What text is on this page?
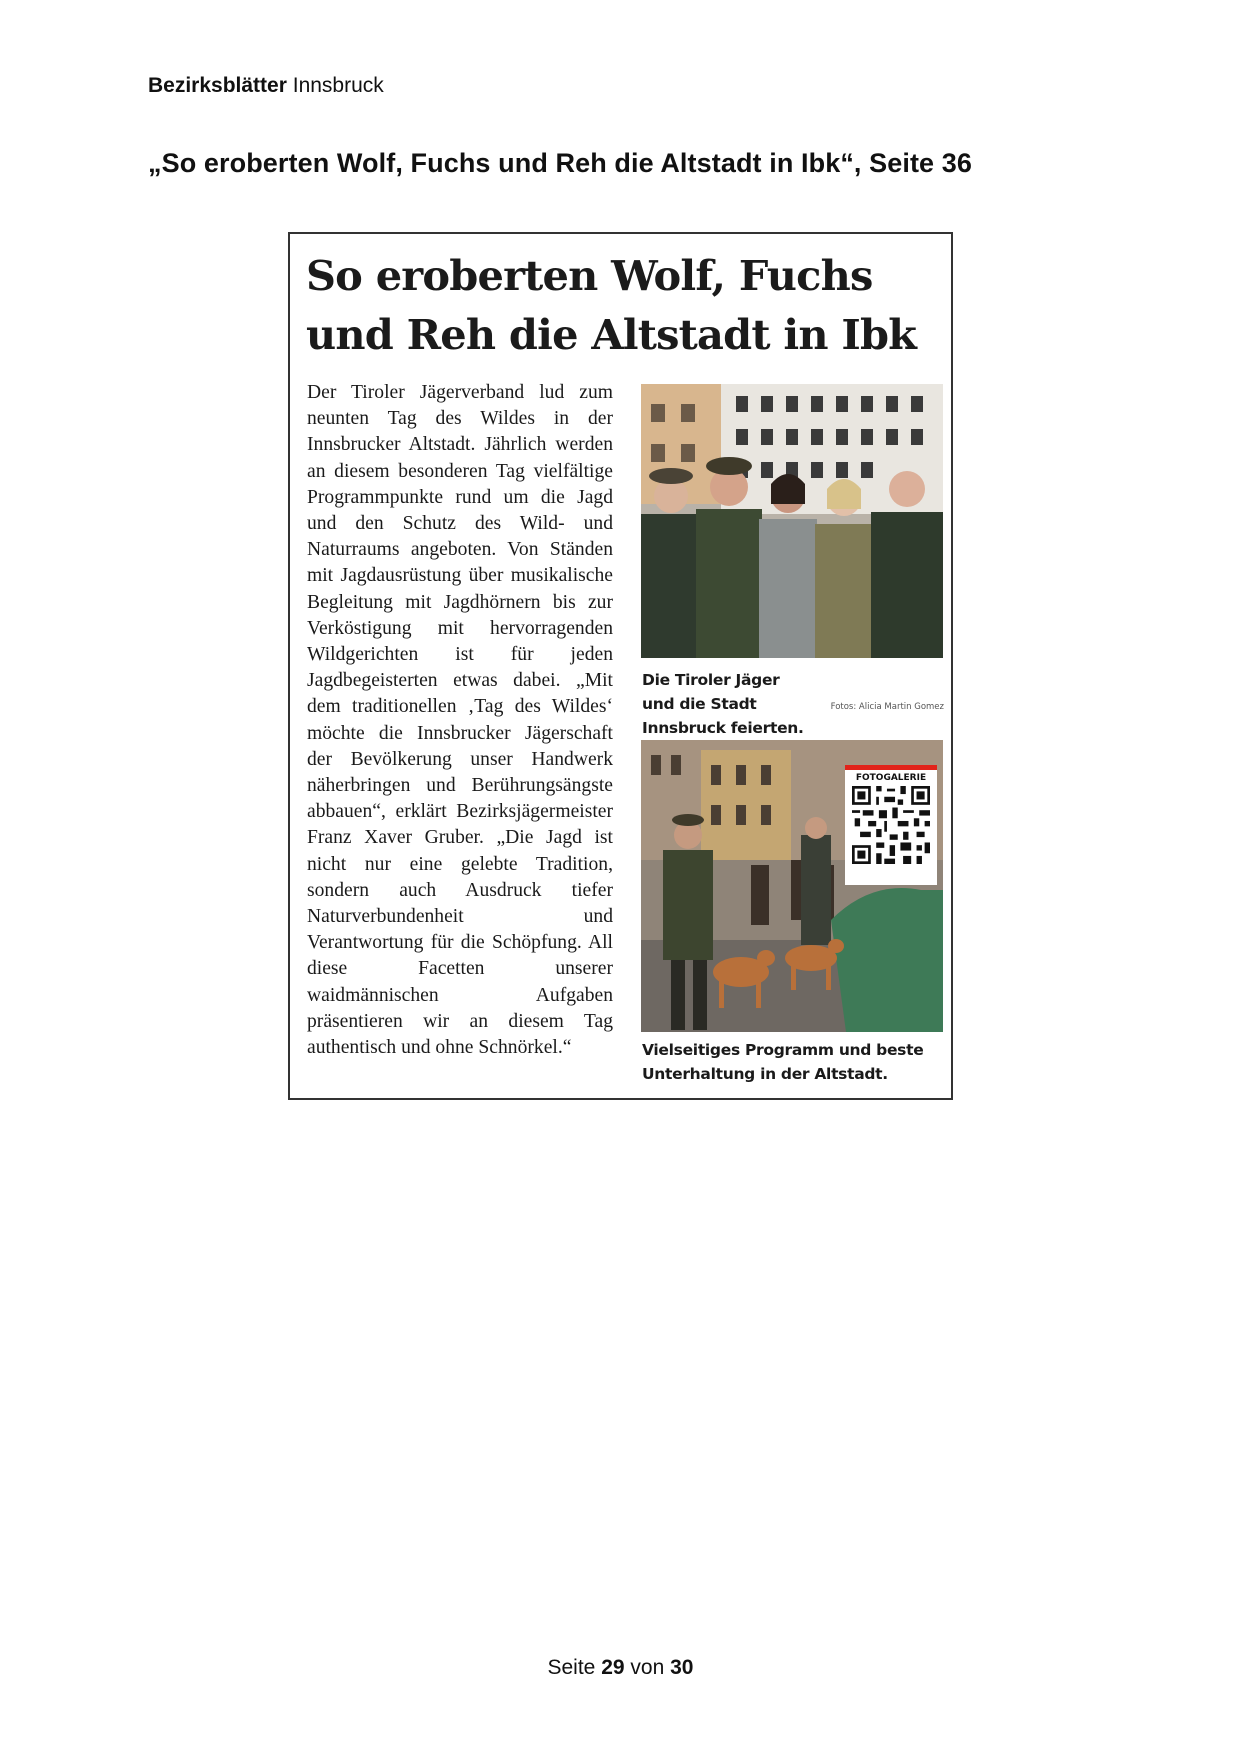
Bezirksblätter Innsbruck
„So eroberten Wolf, Fuchs und Reh die Altstadt in Ibk“, Seite 36
So eroberten Wolf, Fuchs und Reh die Altstadt in Ibk

Der Tiroler Jägerverband lud zum neunten Tag des Wildes in der Innsbrucker Altstadt. Jährlich werden an diesem besonderen Tag vielfältige Programmpunkte rund um die Jagd und den Schutz des Wild- und Naturraums angeboten. Von Ständen mit Jagdausrüstung über musikalische Begleitung mit Jagdhörnern bis zur Verköstigung mit hervorragenden Wildgerichten ist für jeden Jagdbegeisterten etwas dabei. „Mit dem traditionellen ‚Tag des Wildes‘ möchte die Innsbrucker Jägerschaft der Bevölkerung unser Handwerk näherbringen und Berührungsängste abbauen“, erklärt Bezirksjägermeister Franz Xaver Gruber. „Die Jagd ist nicht nur eine gelebte Tradition, sondern auch Ausdruck tiefer Naturverbundenheit und Verantwortung für die Schöpfung. All diese Facetten unserer waidmännischen Aufgaben präsentieren wir an diesem Tag authentisch und ohne Schnörkel.“

Die Tiroler Jäger und die Stadt Innsbruck feierten.
Fotos: Alicia Martin Gomez
FOTOGALERIE
Vielseitiges Programm und beste Unterhaltung in der Altstadt.
Seite 29 von 30
